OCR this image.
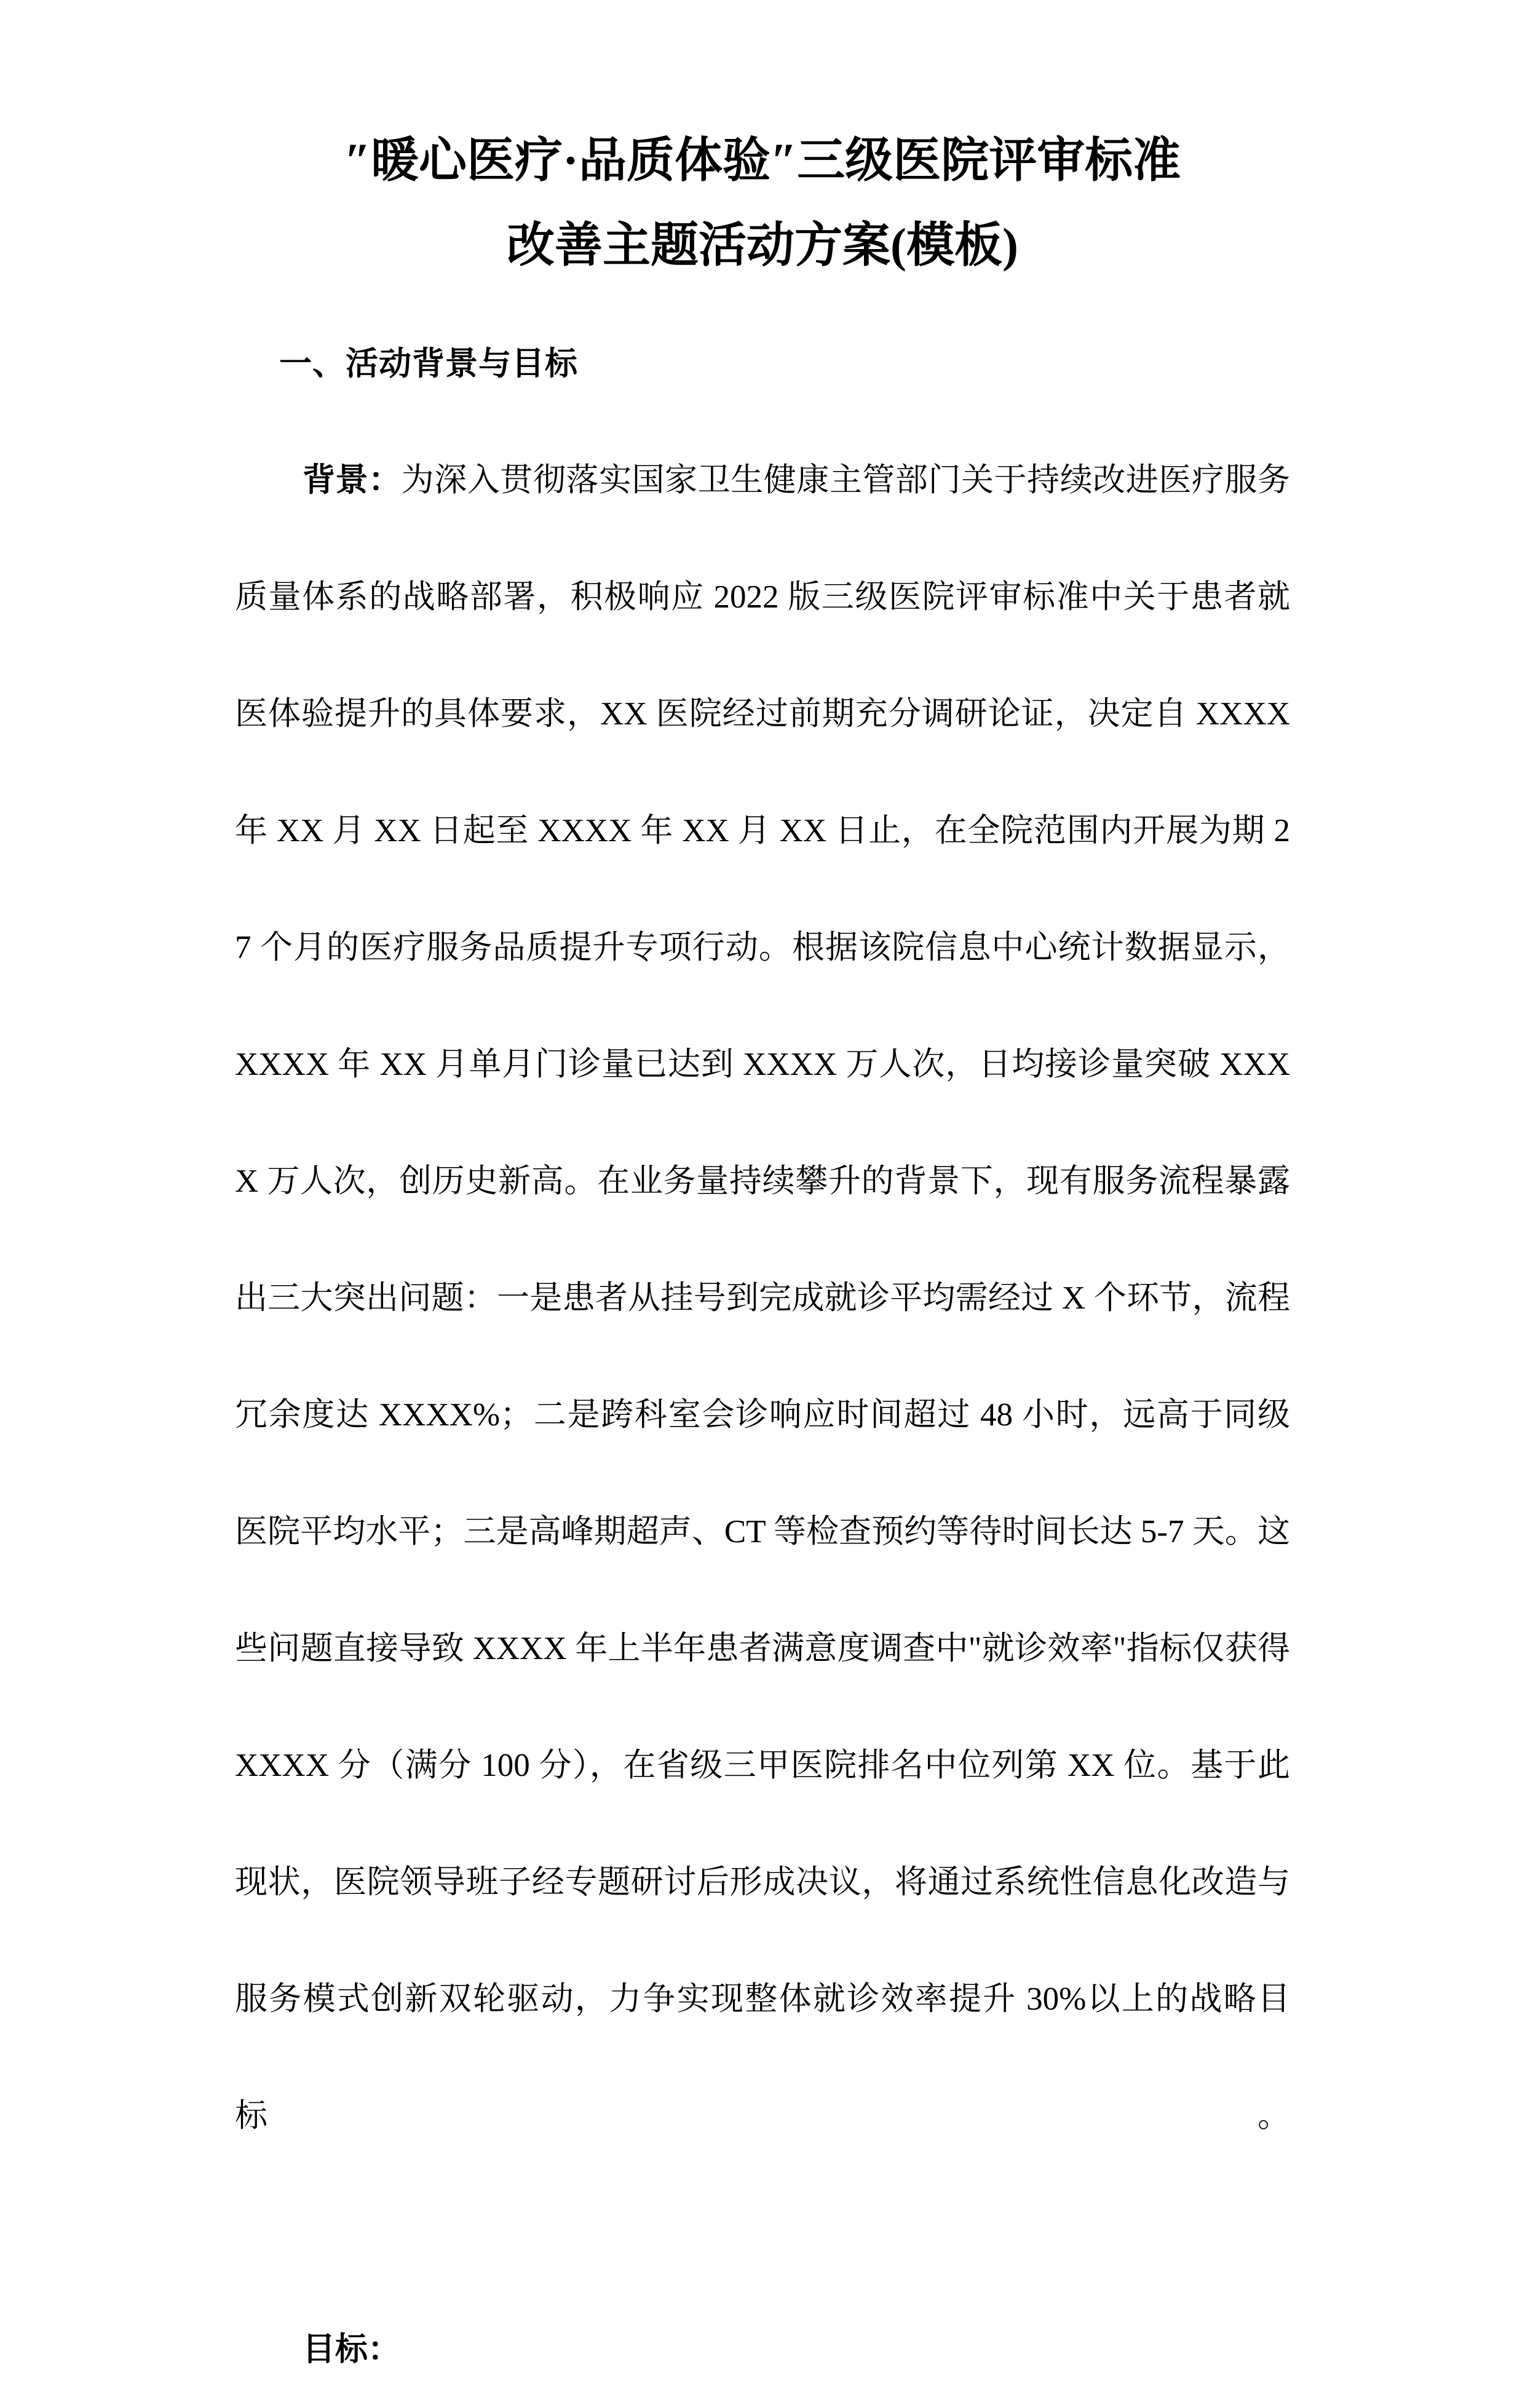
″暖心医疗·品质体验″三级医院评审标准
改善主题活动方案(模板)
一、活动背景与目标

背景：为深入贯彻落实国家卫生健康主管部门关于持续改进医疗服务质量体系的战略部署，积极响应 2022 版三级医院评审标准中关于患者就医体验提升的具体要求，XX 医院经过前期充分调研论证，决定自 XXXX 年 XX 月 XX 日起至 XXXX 年 XX 月 XX 日止，在全院范围内开展为期 27 个月的医疗服务品质提升专项行动。根据该院信息中心统计数据显示，XXXX 年 XX 月单月门诊量已达到 XXXX 万人次，日均接诊量突破 XXXX 万人次，创历史新高。在业务量持续攀升的背景下，现有服务流程暴露出三大突出问题：一是患者从挂号到完成就诊平均需经过 X 个环节，流程冗余度达 XXXX%；二是跨科室会诊响应时间超过 48 小时，远高于同级医院平均水平；三是高峰期超声、CT 等检查预约等待时间长达 5-7 天。这些问题直接导致 XXXX 年上半年患者满意度调查中"就诊效率"指标仅获得 XXXX 分（满分 100 分），在省级三甲医院排名中位列第 XX 位。基于此现状，医院领导班子经专题研讨后形成决议，将通过系统性信息化改造与服务模式创新双轮驱动，力争实现整体就诊效率提升 30%以上的战略目标。

目标：
